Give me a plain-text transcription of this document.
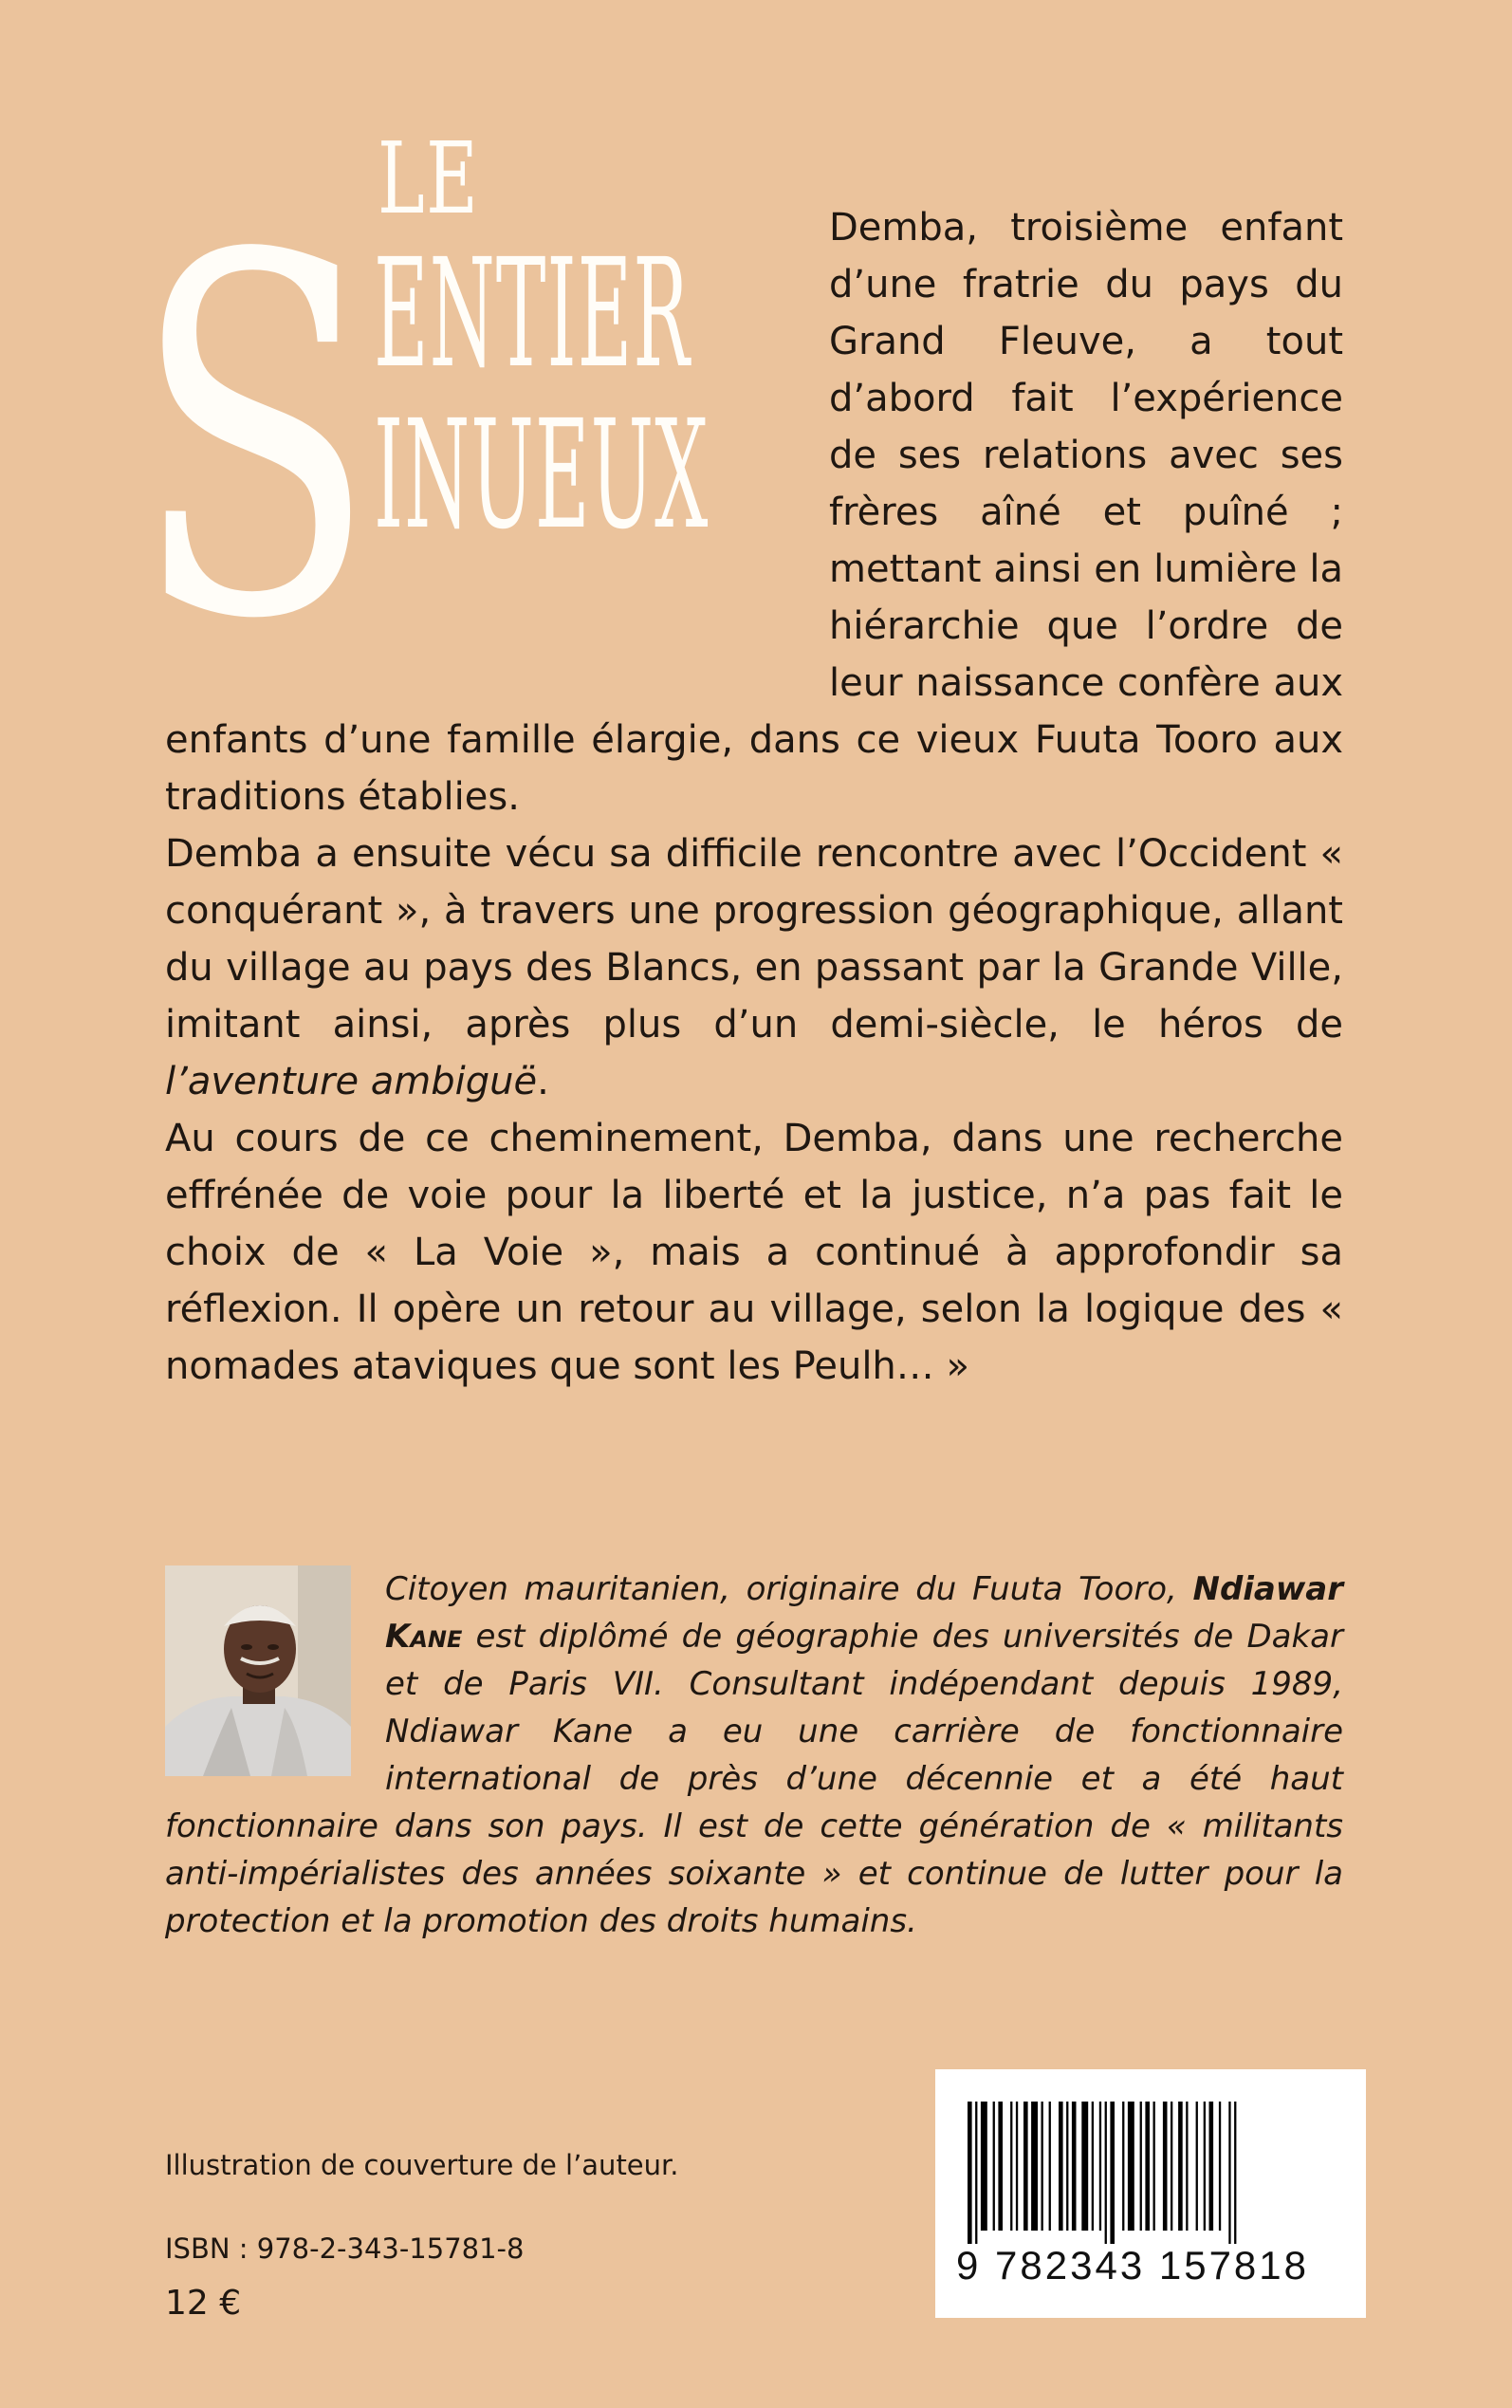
LE
S
ENTIER
INUEUX

Demba, troisième enfant d’une fratrie du pays du Grand Fleuve, a tout d’abord fait l’expérience de ses relations avec ses frères aîné et puîné ; mettant ainsi en lumière la hiérarchie que l’ordre de leur naissance confère aux enfants d’une famille élargie, dans ce vieux Fuuta Tooro aux traditions établies.

Demba a ensuite vécu sa difficile rencontre avec l’Occident « conquérant », à travers une progression géographique, allant du village au pays des Blancs, en passant par la Grande Ville, imitant ainsi, après plus d’un demi-siècle, le héros de l’aventure ambiguë.

Au cours de ce cheminement, Demba, dans une recherche effrénée de voie pour la liberté et la justice, n’a pas fait le choix de « La Voie », mais a continué à approfondir sa réflexion. Il opère un retour au village, selon la logique des « nomades ataviques que sont les Peulh… »

Citoyen mauritanien, originaire du Fuuta Tooro, Ndiawar Kane est diplômé de géographie des universités de Dakar et de Paris VII. Consultant indépendant depuis 1989, Ndiawar Kane a eu une carrière de fonctionnaire international de près d’une décennie et a été haut fonctionnaire dans son pays. Il est de cette génération de « militants anti-impérialistes des années soixante » et continue de lutter pour la protection et la promotion des droits humains.

Illustration de couverture de l’auteur.
ISBN : 978-2-343-15781-8
12 €
9 782343 157818
